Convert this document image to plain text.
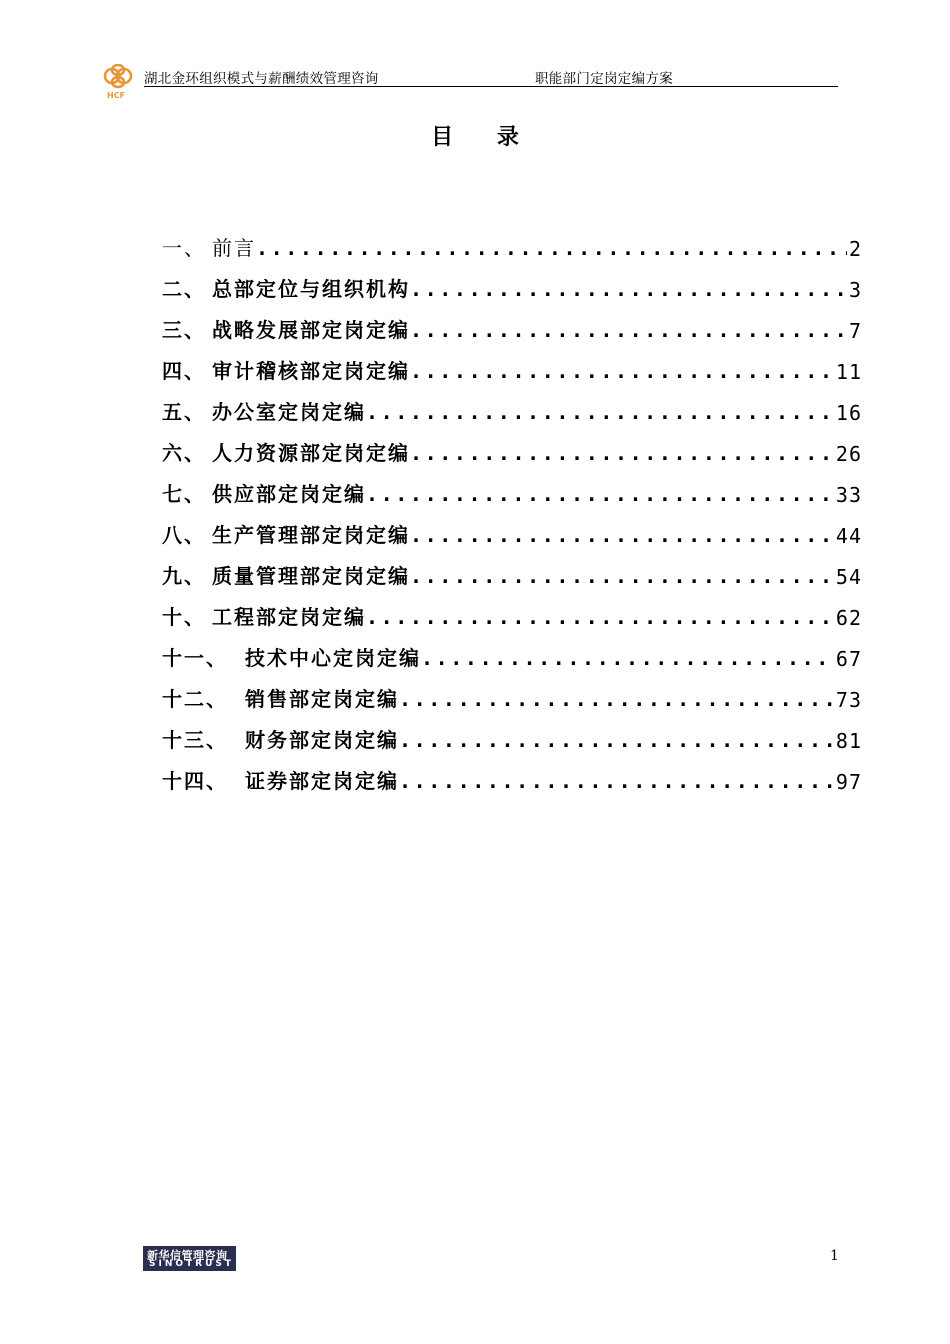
HCF
湖北金环组织模式与薪酬绩效管理咨询	职能部门定岗定编方案
目 录
一、 前言 .....	2
二、 总部定位与组织机构 .....	3
三、 战略发展部定岗定编 .....	7
四、 审计稽核部定岗定编 .....	11
五、 办公室定岗定编 .....	16
六、 人力资源部定岗定编 .....	26
七、 供应部定岗定编 .....	33
八、 生产管理部定岗定编 .....	44
九、 质量管理部定岗定编 .....	54
十、 工程部定岗定编 .....	62
十一、 技术中心定岗定编 .....	67
十二、 销售部定岗定编 .....	73
十三、 财务部定岗定编 .....	81
十四、 证券部定岗定编 .....	97
新华信管理咨询
SINOTRUST	1
